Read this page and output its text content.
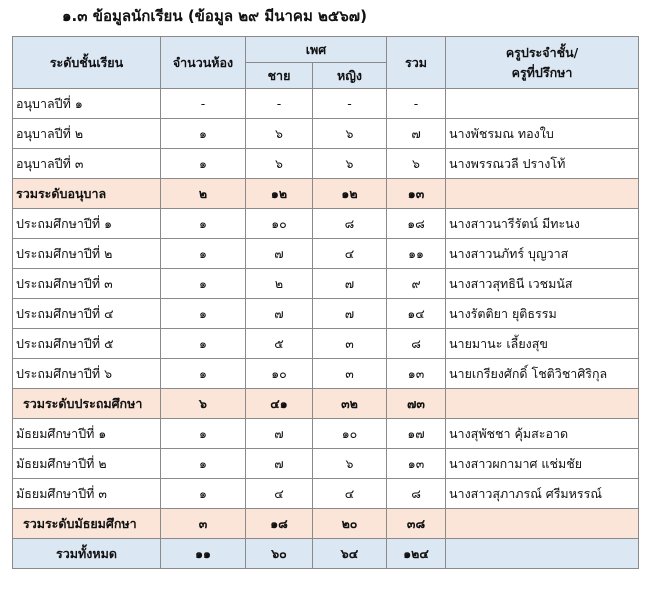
๑.๓ ข้อมูลนักเรียน (ข้อมูล ๒๙ มีนาคม ๒๕๖๗)
ระดับชั้นเรียน	จำนวนห้อง	เพศ		รวม	ครูประจำชั้น/
ครูที่ปรึกษา
		ชาย	หญิง		
อนุบาลปีที่ ๑	-	-	-	-	
อนุบาลปีที่ ๒	๑	๖	๖	๗	นางพัชรมณ ทองใบ
อนุบาลปีที่ ๓	๑	๖	๖	๖	นางพรรณวลี ปรางโท้
รวมระดับอนุบาล	๒	๑๒	๑๒	๑๓	
ประถมศึกษาปีที่ ๑	๑	๑๐	๘	๑๘	นางสาวนารีรัตน์ มีทะนง
ประถมศึกษาปีที่ ๒	๑	๗	๔	๑๑	นางสาวนภัทร์ บุญวาส
ประถมศึกษาปีที่ ๓	๑	๒	๗	๙	นางสาวสุทธินี เวชมนัส
ประถมศึกษาปีที่ ๔	๑	๗	๗	๑๔	นางรัตติยา ยุติธรรม
ประถมศึกษาปีที่ ๕	๑	๕	๓	๘	นายมานะ เลี้ยงสุข
ประถมศึกษาปีที่ ๖	๑	๑๐	๓	๑๓	นายเกรียงศักดิ์ โชติวิชาศิริกุล
รวมระดับประถมศึกษา	๖	๔๑	๓๒	๗๓	
มัธยมศึกษาปีที่ ๑	๑	๗	๑๐	๑๗	นางสุพัชชา คุ้มสะอาด
มัธยมศึกษาปีที่ ๒	๑	๗	๖	๑๓	นางสาวผกามาศ แช่มชัย
มัธยมศึกษาปีที่ ๓	๑	๔	๔	๘	นางสาวสุภาภรณ์ ศรีมหรรณ์
รวมระดับมัธยมศึกษา	๓	๑๘	๒๐	๓๘	
รวมทั้งหมด	๑๑	๖๐	๖๔	๑๒๔	
